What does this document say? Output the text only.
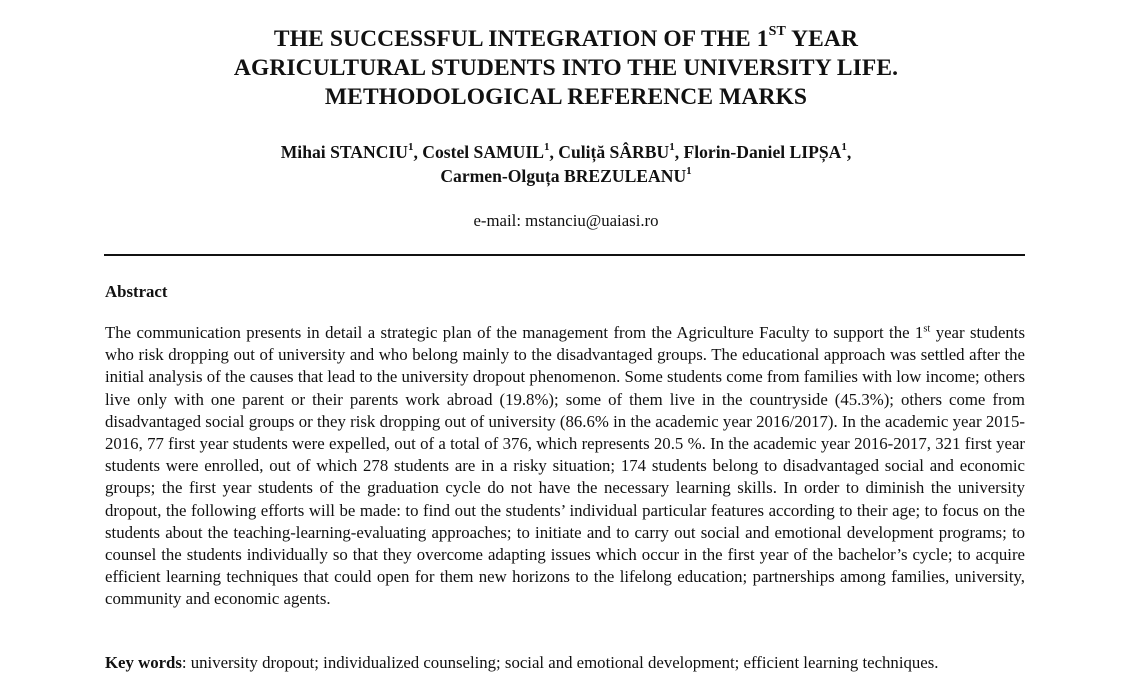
THE SUCCESSFUL INTEGRATION OF THE 1ST YEAR
AGRICULTURAL STUDENTS INTO THE UNIVERSITY LIFE.
METHODOLOGICAL REFERENCE MARKS
Mihai STANCIU$^1$, Costel SAMUIL$^1$, Culiță SÂRBU$^1$, Florin-Daniel LIPȘA$^1$,
Carmen-Olguța BREZULEANU$^1$
e-mail: mstanciu@uaiasi.ro
Abstract

The communication presents in detail a strategic plan of the management from the Agriculture Faculty to support the 1st year students who risk dropping out of university and who belong mainly to the disadvantaged groups. The educational approach was settled after the initial analysis of the causes that lead to the university dropout phenomenon. Some students come from families with low income; others live only with one parent or their parents work abroad (19.8%); some of them live in the countryside (45.3%); others come from disadvantaged social groups or they risk dropping out of university (86.6% in the academic year 2016/2017). In the academic year 2015-2016, 77 first year students were expelled, out of a total of 376, which represents 20.5 %. In the academic year 2016-2017, 321 first year students were enrolled, out of which 278 students are in a risky situation; 174 students belong to disadvantaged social and economic groups; the first year students of the graduation cycle do not have the necessary learning skills. In order to diminish the university dropout, the following efforts will be made: to find out the students’ individual particular features according to their age; to focus on the students about the teaching-learning-evaluating approaches; to initiate and to carry out social and emotional development programs; to counsel the students individually so that they overcome adapting issues which occur in the first year of the bachelor’s cycle; to acquire efficient learning techniques that could open for them new horizons to the lifelong education; partnerships among families, university, community and economic agents.

Key words: university dropout; individualized counseling; social and emotional development; efficient learning techniques.
